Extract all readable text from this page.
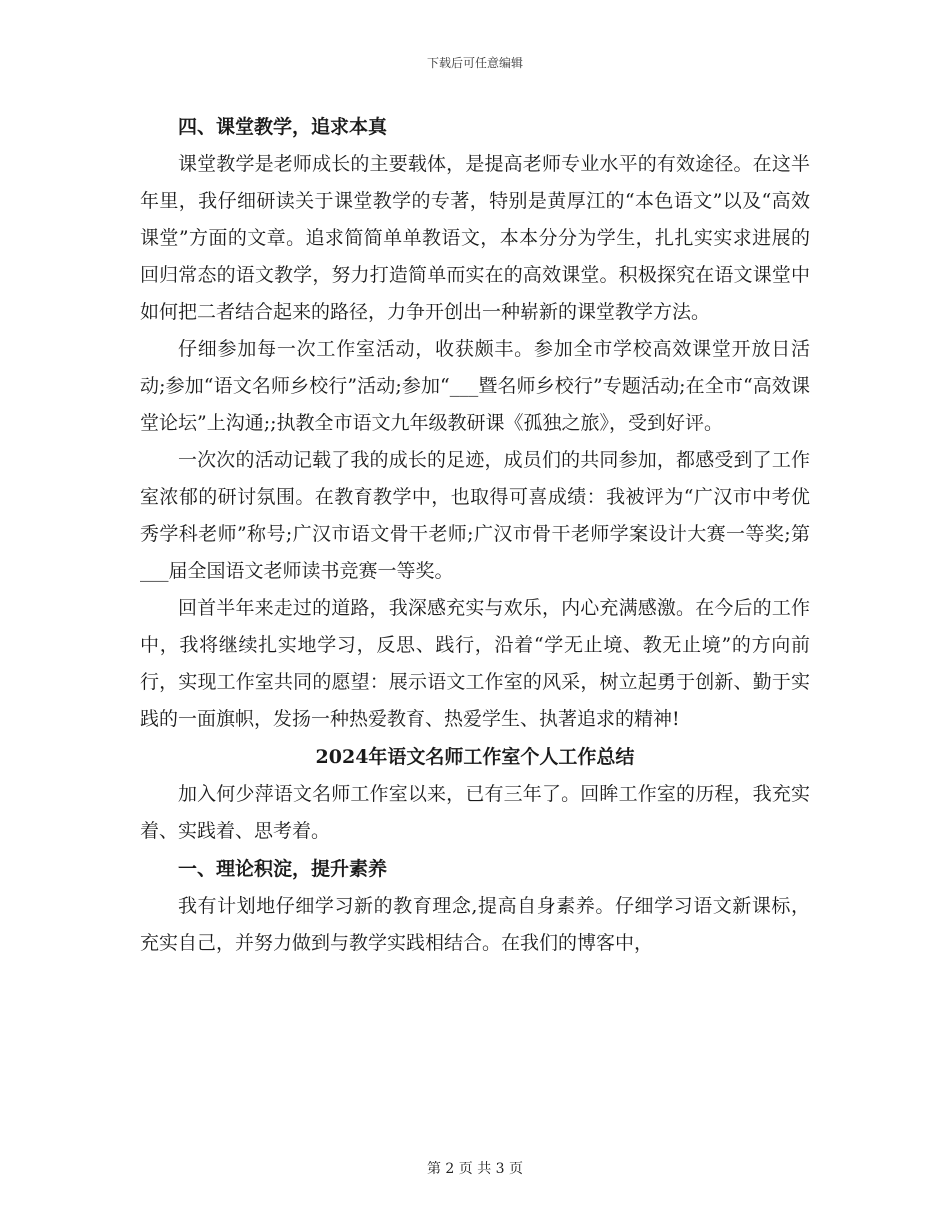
下载后可任意编辑
四、课堂教学，追求本真

课堂教学是老师成长的主要载体，是提高老师专业水平的有效途径。在这半年里，我仔细研读关于课堂教学的专著，特别是黄厚江的“本色语文”以及“高效课堂”方面的文章。追求简简单单教语文，本本分分为学生，扎扎实实求进展的回归常态的语文教学，努力打造简单而实在的高效课堂。积极探究在语文课堂中如何把二者结合起来的路径，力争开创出一种崭新的课堂教学方法。

仔细参加每一次工作室活动，收获颇丰。参加全市学校高效课堂开放日活动;参加“语文名师乡校行”活动;参加“___暨名师乡校行”专题活动;在全市“高效课堂论坛”上沟通;;执教全市语文九年级教研课《孤独之旅》，受到好评。

一次次的活动记载了我的成长的足迹，成员们的共同参加，都感受到了工作室浓郁的研讨氛围。在教育教学中，也取得可喜成绩：我被评为“广汉市中考优秀学科老师”称号;广汉市语文骨干老师;广汉市骨干老师学案设计大赛一等奖;第___届全国语文老师读书竞赛一等奖。

回首半年来走过的道路，我深感充实与欢乐，内心充满感激。在今后的工作中，我将继续扎实地学习，反思、践行，沿着“学无止境、教无止境”的方向前行，实现工作室共同的愿望：展示语文工作室的风采，树立起勇于创新、勤于实践的一面旗帜，发扬一种热爱教育、热爱学生、执著追求的精神!

2024年语文名师工作室个人工作总结

加入何少萍语文名师工作室以来，已有三年了。回眸工作室的历程，我充实着、实践着、思考着。

一、理论积淀，提升素养

我有计划地仔细学习新的教育理念,提高自身素养。仔细学习语文新课标，充实自己，并努力做到与教学实践相结合。在我们的博客中，

第 2 页 共 3 页
